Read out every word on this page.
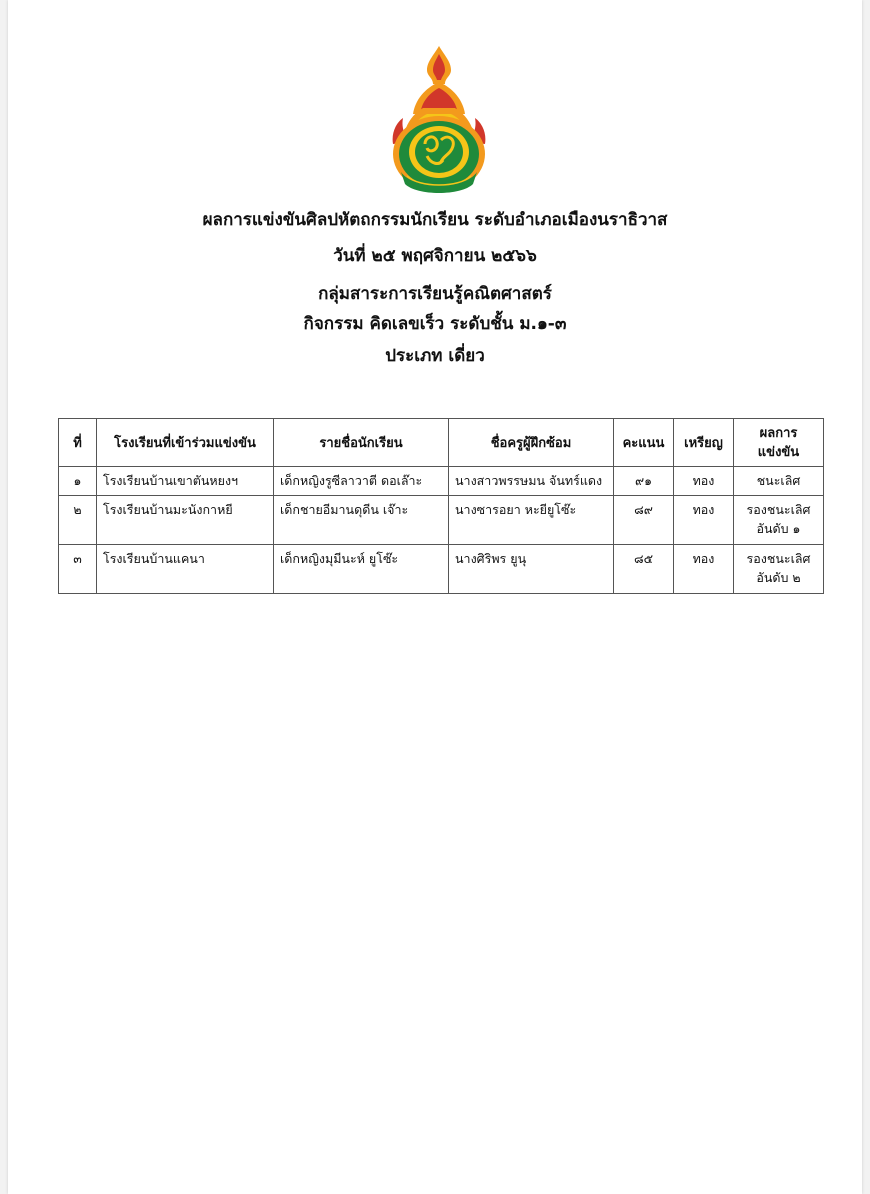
ผลการแข่งขันศิลปหัตถกรรมนักเรียน ระดับอำเภอเมืองนราธิวาส
วันที่ ๒๕ พฤศจิกายน ๒๕๖๖
กลุ่มสาระการเรียนรู้คณิตศาสตร์
กิจกรรม คิดเลขเร็ว ระดับชั้น ม.๑-๓
ประเภท เดี่ยว
ที่	โรงเรียนที่เข้าร่วมแข่งขัน	รายชื่อนักเรียน	ชื่อครูผู้ฝึกซ้อม	คะแนน	เหรียญ	ผลการ
แข่งขัน

๑	โรงเรียนบ้านเขาตันหยงฯ	เด็กหญิงรูซีลาวาตี ดอเล๊าะ	นางสาวพรรษมน จันทร์แดง	๙๑	ทอง	ชนะเลิศ

๒	โรงเรียนบ้านมะนังกาหยี	เด็กชายอีมานดุดีน เจ๊าะ	นางซารอยา หะยียูโซ๊ะ	๘๙	ทอง	รองชนะเลิศ
อันดับ ๑

๓	โรงเรียนบ้านแคนา	เด็กหญิงมุมีนะห์ ยูโซ๊ะ	นางศิริพร ยูนุ	๘๕	ทอง	รองชนะเลิศ
อันดับ ๒
